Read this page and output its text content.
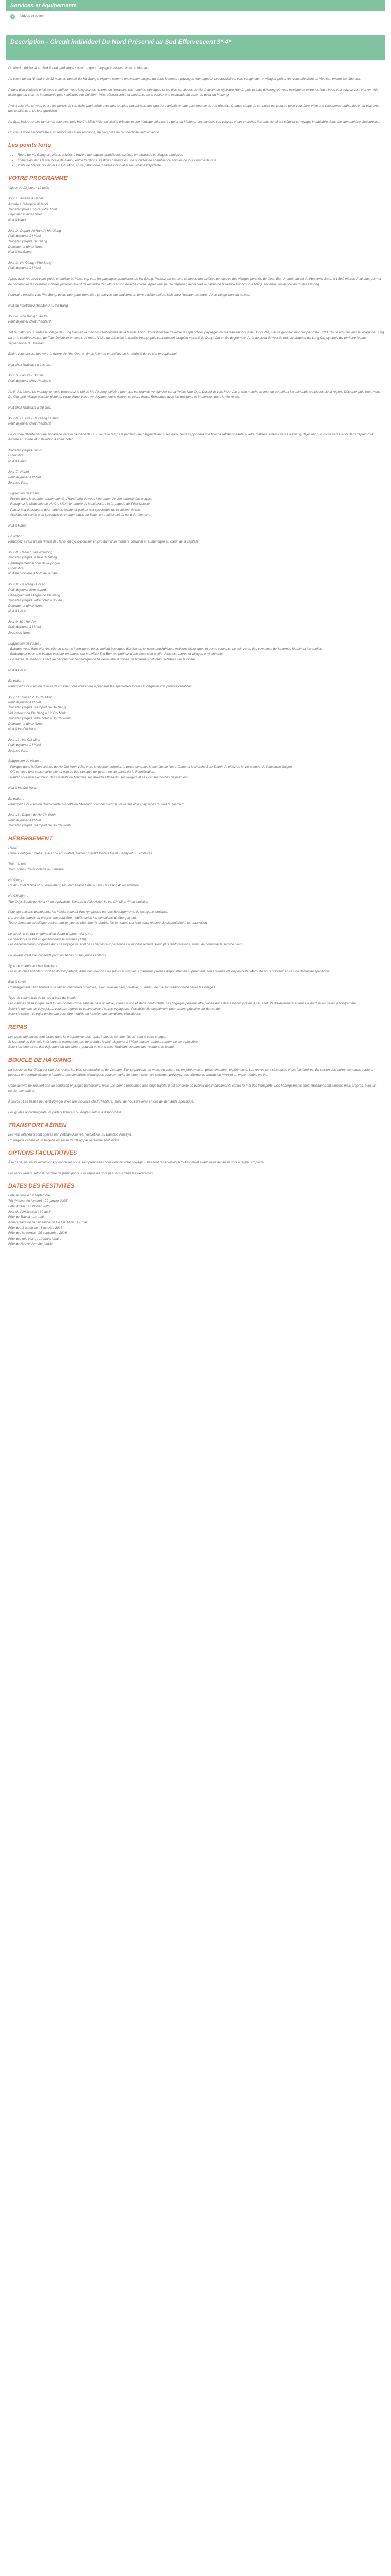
Services et équipements
Vidéos et option
Description - Circuit individuel Du Nord Préservé au Sud Effervescent 3*-4*

Du Nord méridional au Sud littoral, embarquez pour un grand voyage à travers l'âme du Vietnam.

Au cours de cet itinéraire de 12 nuits, le beauté de Ha Giang s'exprime comme un moment suspendu dans le temps : paysages montagneux spectaculaires, cols vertigineux, et villages préservés vous dévoilent un Vietnam encore confidentiel.

À bord d'un véhicule privé avec chauffeur, vous longerez les rizières en terrasses, les marchés ethniques et les pics karstiques du Nord, avant de rejoindre Hanoï, puis la baie d'Halong où vous naviguerez entre les îlots. Vous poursuivrez vers Hoi An, ville historique au charme intemporel, puis rejoindrez Ho Chi Minh-Ville, effervescente et moderne, sans oublier une escapade au cœur du delta du Mékong.

Avant cela, Hanoï vous ouvre les portes de son riche patrimoine avec des temples ancestraux, des quartiers animés et une gastronomie de rue réputée. Chaque étape de ce circuit est pensée pour vous faire vivre une expérience authentique, au plus près des habitants et de leur quotidien.

Au Sud, Hoi An et ses lanternes colorées, puis Ho Chi Minh-Ville, sa vitalité urbaine et son héritage colonial. Le delta du Mékong, ses canaux, ses vergers et ses marchés flottants viendront clôturer ce voyage inoubliable dans une atmosphère chaleureuse.

Un circuit riche en contrastes, en rencontres et en émotions, au plus près de l'authenticité vietnamienne.

Les points forts
• Route de Ha Giang et rizières privées à travers montagnes grandioses, rizières en terrasses et villages ethniques
• Immersion dans la vie locale de Hanoï, entre traditions, vestiges historiques, vie quotidienne et ambiance animée de jour comme de nuit
• Visite de Hanoï, Hoi An et Ho Chi Minh, entre patrimoine, charme colonial et vie urbaine trépidante
VOTRE PROGRAMME

Valeur de 13 jours / 12 nuits

Jour 1 : Arrivée à Hanoï
Arrivée à l'aéroport d'Hanoï.
Transfert privé jusqu'à votre hôtel.
Déjeuner et dîner libres.
Nuit à Hanoi.
Jour 2 : Départ de Hanoï / Ha Giang
Petit déjeuner à l'hôtel.
Transfert jusqu'à Ha Giang.
Déjeuner et dîner libres.
Nuit à Ha Giang.
Jour 3 : Ha Giang / Pho Bang
Petit déjeuner à l'hôtel.

Après avoir retrouvé votre guide chauffeur à l'hôtel, cap vers les paysages grandioses de Ha Giang. Passez par la route sinueuse des rizières ponctuées des villages perchés de Quan Ba. Un arrêt au col de Heaven's Gate, à 1 500 mètres d'altitude, permet de contempler les célèbres collines jumelles avant de rejoindre Yen Minh et son marché coloré. Après une pause déjeuner, découvrez le palais de la famille Vuong (Vua Meo), ancienne résidence du roi des Hmong.

Poursuite ensuite vers Pho Bang, petite bourgade frontalière préservée aux maisons en terre traditionnelles. Nuit chez l'habitant au cœur de ce village hors du temps.

Nuit au hôtel/chez l'habitant/ à Pho Bang.

Jour 4 : Pho Bang / Lao Xa
Petit déjeuner chez l'habitant.

Tôt le matin, vous visitez le village de Lung Cam et sa maison traditionnelle de la famille Thinh. Votre itinéraire traverse les splendides paysages du plateau karstique de Dong Van, classé géoparc mondial par l'UNESCO. Route ensuite vers le village de Sung La et la célèbre maison de Pao. Déjeuner en cours de route. Visite du palais de la famille Vuong, puis continuation jusqu'au marché de Dong Van en fin de journée. Arrêt au point de vue du mât du drapeau de Lung Cu, symbole du territoire le plus septentrional du Vietnam.

Enfin, vous descendez vers la rivière de Nho Que en fin de journée et profitez de la sérénité de ce site exceptionnel.

Nuit chez l'habitant à Lao Xa.

Jour 5 : Lao Xa / Du Gia
Petit déjeuner chez l'habitant.

Au fil des lacets de montagne, vous parcourez le col de Ma Pi Leng, célèbre pour ses panoramas vertigineux sur la rivière Nho Que. Descente vers Meo Vac et son marché animé, où se mêlent les minorités ethniques de la région. Déjeuner puis route vers Du Gia, petit village paisible niché au cœur d'une vallée verdoyante, entre rizières et cours d'eau. Rencontre avec les habitants et immersion dans la vie rurale.

Nuit chez l'habitant à Du Gia.

Jour 6 : Du Gia / Ha Giang / Hanoï
Petit déjeuner chez l'habitant.

La journée débute par une escapade vers la cascade de Du Gia. Si le temps le permet, une baignade dans ses eaux claires apportera une touche rafraîchissante à votre matinée. Retour vers Ha Giang, déjeuner puis route vers Hanoï dans l'après-midi. Arrivée en soirée et installation à votre hôtel.

Transfert jusqu'à Hanoï.
Dîner libre.
Nuit à Hanoï.
Jour 7 : Hanoï
Petit déjeuner à l'hôtel.
Journée libre.
Suggestion de visites :
- Flânez dans le quartier ancien animé d'Hanoï afin de vous imprégner de son atmosphère unique.
- Rejoignez le Mausolée de Ho Chi Minh, le temple de la Littérature et la pagode au Pilier Unique.
- Partez à la découverte des marchés locaux et goûtez aux spécialités de la cuisine de rue.
- Assistez en soirée à un spectacle de marionnettes sur l'eau, art traditionnel du nord du Vietnam.

Nuit à Hanoï.

En option :
Participez à l'excursion "Visite de Hanoï en cyclo-pousse" en profitant d'un moment convivial et authentique au cœur de la capitale.
Jour 8 : Hanoï / Baie d'Halong
Transfert jusqu'à la baie d'Halong.
Embarquement à bord de la jonque.
Dîner libre.
Nuit en croisière à bord de la baie.
Jour 9 : Da Nang / Hoi An
Petit déjeuner libre à bord.
Débarquement et ligne de Da Nang.
Transfert jusqu'à votre hôtel à Hoi An.
Déjeuner et dîner libres.
Nuit à Hoi An.
Jour 9, 10 : Hoi An
Petit déjeuner à l'hôtel.
Journées libres.
Suggestion de visites :
- Baladez-vous dans Hoi An, ville au charme intemporel, où se mêlent boutiques d'artisanat, temples bouddhistes, maisons historiques et ponts couverts. Le soir venu, des centaines de lanternes illuminent les ruelles.
- Embarquez pour une balade paisible en bateau sur la rivière Thu Bon, ou profitez d'une excursion à vélo dans les rizières et villages environnants.
- En soirée, laissez-vous séduire par l'ambiance magique de la vieille ville illuminée de lanternes colorées, reflétées sur la rivière.

Nuit à Hoi An.

En option :
Participez à l'excursion "Cours de cuisine" pour apprendre à préparer les spécialités locales et déguster vos propres créations.
Jour 11 : Hoi An / Ho Chi Minh
Petit déjeuner à l'hôtel.
Transfert jusqu'à l'aéroport de Da Nang.
Vol intérieur de Da Nang à Ho Chi Minh.
Transfert jusqu'à votre hôtel à Ho Chi Minh.
Déjeuner et dîner libres.
Nuit à Ho Chi Minh.
Jour 12 : Ho Chi Minh
Petit déjeuner à l'hôtel.
Journée libre.
Suggestion de visites :
- Plongez dans l'effervescence de Ho Chi Minh-Ville, entre le quartier colonial, la poste centrale, la cathédrale Notre-Dame et le marché Ben Thanh. Profitez de la vie animée de l'ancienne Saigon.
- Offrez-vous une pause culturelle au musée des vestiges de guerre ou au palais de la Réunification.
- Partez pour une excursion dans le delta du Mékong, ses marchés flottants, ses vergers et ses canaux bordés de palmiers.

Nuit à Ho Chi Minh.

En option :
Participez à l'excursion "Découverte du delta du Mékong" pour découvrir la vie locale et les paysages du sud du Vietnam.
Jour 13 : Départ de Ho Chi Minh
Petit déjeuner à l'hôtel.
Transfert jusqu'à l'aéroport de Ho Chi Minh.
HÉBERGEMENT
Hanoï :
Hanoï Boutique Hotel & Spa 4* ou équivalent, Hanoï Emerald Waters Hotel Trendy 4* ou similaires
Train de nuit :
Train Lotus / Train Violette ou similaire
Ha Giang :
Ha An Hotel & Spa 4* ou équivalent, Phuong Thanh Hotel & Spa Ha Giang 4* ou similaire
Ho Chi Minh :
The Odys Boutique Hotel 4* ou équivalent, Silverland Jolie Hotel 4*, Ho Chi Minh 4* ou similaire
Pour des raisons techniques, les hôtels peuvent être remplacés par des hébergements de catégorie similaire.
L'ordre des étapes du programme peut être modifié selon les conditions d'hébergement.
Toute demande spécifique concernant le type de chambre (lit double, lits jumeaux) est faite sous réserve de disponibilité à la réservation.
Le check-in se fait en général en début d'après-midi (14h).
Le check-out se fait en général dans la matinée (11h).
Les hébergements proposés dans ce voyage ne sont pas adaptés aux personnes à mobilité réduite. Pour plus d'informations, merci de consulter le service client.

Le voyage n'est pas conseillé pour les bébés ou les jeunes enfants.

Type de chambres chez l'habitant
Les nuits chez l'habitant sont en dortoir partagé, dans des maisons sur pilotis et simples. Chambres privées disponibles en supplément, sous réserve de disponibilité. Merci de nous prévenir en cas de demande spécifique.
Bon à savoir
L'hébergement chez l'habitant se fait en chambres privatives, avec salle de bain privative, ou dans une maison traditionnelle selon les villages.
Type de cabine lors de la nuit à bord de la baie
Les cabines de la jonque sont toutes dotées d'une salle de bain privative, climatisation et literie confortable. Les bagages peuvent être placés dans des espaces prévus à cet effet. Petits-déjeuners et repas à bord inclus selon le programme.
Selon le nombre de voyageurs, vous partagerez la cabine avec d'autres voyageurs. Possibilité de supplément pour cabine privative sur demande.
Selon la saison, le trajet en bateau peut être modifié en fonction des conditions climatiques.
REPAS
Les petits déjeuners sont inclus dans le programme. Les repas indiqués comme "libres" sont à votre charge.
Si les horaires des vols intérieurs ne permettent pas de prendre le petit-déjeuner à l'hôtel, aucun remboursement ne sera possible.
Selon les itinéraires, des déjeuners ou des dîners peuvent être pris chez l'habitant ou dans des restaurants locaux.
BOUCLE DE HA GIANG

La boucle de Ha Giang est une des routes les plus spectaculaires du Vietnam. Elle se parcourt en moto, en voiture ou en jeep avec un guide chauffeur expérimenté. Les routes sont sinueuses et parfois étroites. En saison des pluies, certaines portions peuvent être temporairement fermées. Les conditions climatiques peuvent varier fortement selon les saisons : prévoyez des vêtements chauds en hiver et un imperméable en été.

Cette activité ne requiert pas de condition physique particulière, mais une bonne résistance aux longs trajets. Il est conseillé de prévoir des médicaments contre le mal des transports. Les hébergements chez l'habitant sont simples mais propres, avec un confort sommaire.

À savoir : Les bébés peuvent voyager avec une nourrice chez l'habitant. Merci de nous prévenir en cas de demande spécifique.

Les guides accompagnateurs parlent français ou anglais selon la disponibilité.

TRANSPORT AÉRIEN
Les vols intérieurs sont opérés par Vietnam Airlines, VietJet Air, ou Bamboo Airways.
Un bagage cabine et un bagage en soute de 20 kg par personne sont inclus.
OPTIONS FACULTATIVES

À la carte, plusieurs excursions optionnelles vous sont proposées pour enrichir votre voyage. Elles sont réservables à tout moment avant votre départ et sont à régler sur place.

Les tarifs varient selon le nombre de participants. Les repas ne sont pas inclus dans les excursions.

DATES DES FESTIVITÉS
Fête nationale : 2 septembre
Têt (Nouvel An lunaire) : 29 janvier 2025
Fête du Têt : 17 février 2026
Jour de l'Unification : 30 avril
Fête du Travail : 1er mai
Anniversaire de la naissance de Ho Chi Minh : 19 mai
Fête de mi-automne : 6 octobre 2025
Fête des lanternes : 25 septembre 2026
Fête des rois Hung : 10 mars lunaire
Fête du Nouvel An : 1er janvier
